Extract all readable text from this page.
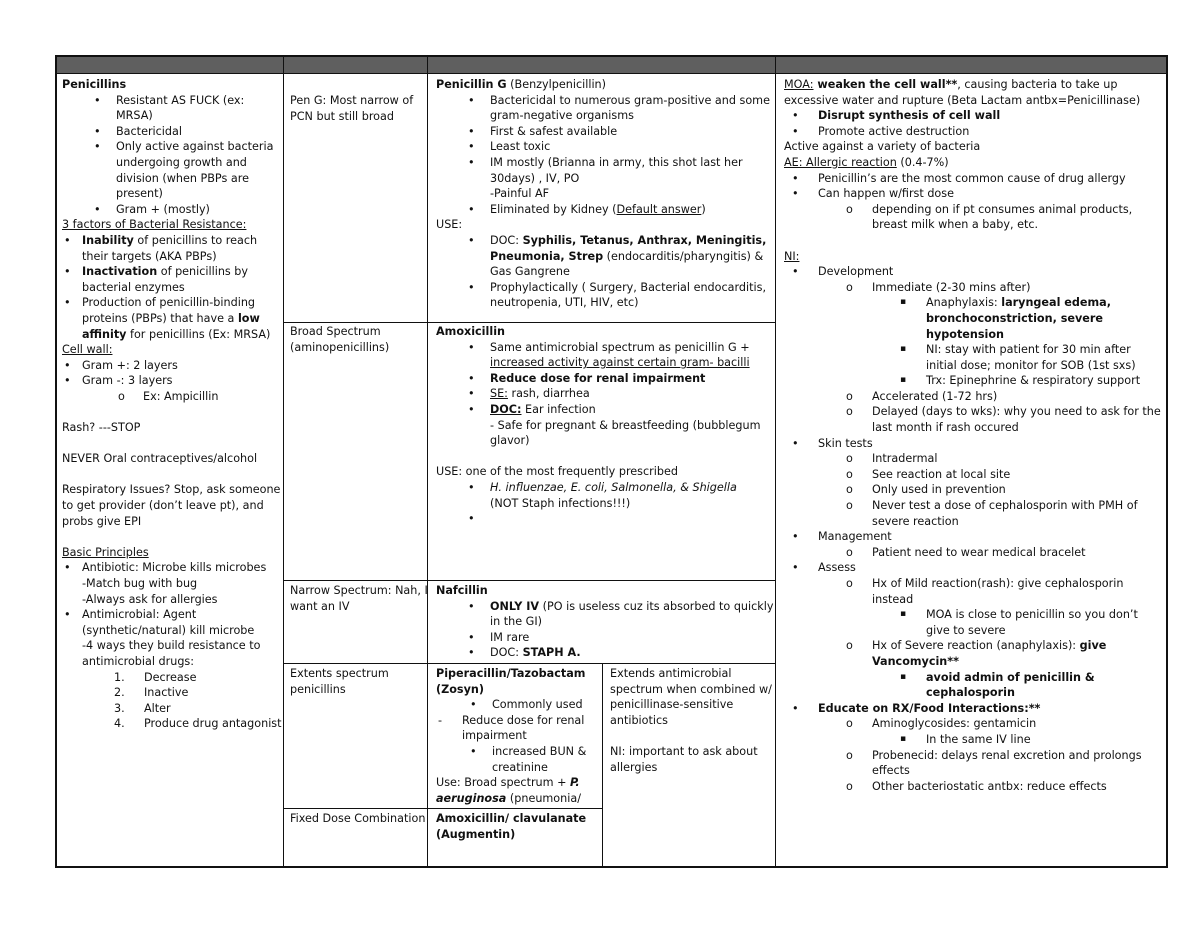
Penicillins

• Resistant AS FUCK (ex: MRSA)
• Bactericidal
• Only active against bacteria undergoing growth and division (when PBPs are present)
• Gram + (mostly)

3 factors of Bacterial Resistance:

• Inability of penicillins to reach their targets (AKA PBPs)
• Inactivation of penicillins by bacterial enzymes
• Production of penicillin-binding proteins (PBPs) that have a low affinity for penicillins (Ex: MRSA)

Cell wall:

• Gram +: 2 layers
• Gram -: 3 layers
o Ex: Ampicillin

Rash? ---STOP

NEVER Oral contraceptives/alcohol

Respiratory Issues? Stop, ask someone to get provider (don’t leave pt), and probs give EPI

Basic Principles

• Antibiotic: Microbe kills microbes
-Match bug with bug
-Always ask for allergies
• Antimicrobial: Agent (synthetic/natural) kill microbe
-4 ways they build resistance to antimicrobial drugs:
1. Decrease
2. Inactive
3. Alter
4. Produce drug antagonist

Pen G: Most narrow of PCN but still broad

Broad Spectrum (aminopenicillins)

Narrow Spectrum: Nah, I want an IV

Extents spectrum penicillins

Fixed Dose Combination

Penicillin G (Benzylpenicillin)

• Bactericidal to numerous gram-positive and some gram-negative organisms
• First & safest available
• Least toxic
• IM mostly (Brianna in army, this shot last her 30days) , IV, PO
-Painful AF
• Eliminated by Kidney (Default answer)

USE:

• DOC: Syphilis, Tetanus, Anthrax, Meningitis, Pneumonia, Strep (endocarditis/pharyngitis) & Gas Gangrene
• Prophylactically ( Surgery, Bacterial endocarditis, neutropenia, UTI, HIV, etc)

Amoxicillin

• Same antimicrobial spectrum as penicillin G + increased activity against certain gram- bacilli
• Reduce dose for renal impairment
• SE: rash, diarrhea
• DOC: Ear infection
- Safe for pregnant & breastfeeding (bubblegum glavor)

USE: one of the most frequently prescribed

• H. influenzae, E. coli, Salmonella, & Shigella
(NOT Staph infections!!!)
•

Nafcillin

• ONLY IV (PO is useless cuz its absorbed to quickly in the GI)
• IM rare
• DOC: STAPH A.

Piperacillin/Tazobactam (Zosyn)

• Commonly used
- Reduce dose for renal impairment
• increased BUN & creatinine

Use: Broad spectrum + P. aeruginosa (pneumonia/

Extends antimicrobial spectrum when combined w/ penicillinase-sensitive antibiotics

NI: important to ask about allergies

Amoxicillin/ clavulanate (Augmentin)

MOA: weaken the cell wall**, causing bacteria to take up excessive water and rupture (Beta Lactam antbx=Penicillinase)

• Disrupt synthesis of cell wall
• Promote active destruction

Active against a variety of bacteria

AE: Allergic reaction (0.4-7%)

• Penicillin’s are the most common cause of drug allergy
• Can happen w/first dose
o depending on if pt consumes animal products, breast milk when a baby, etc.

NI:

• Development
o Immediate (2-30 mins after)
▪ Anaphylaxis: laryngeal edema, bronchoconstriction, severe hypotension
▪ NI: stay with patient for 30 min after initial dose; monitor for SOB (1st sxs)
▪ Trx: Epinephrine & respiratory support
o Accelerated (1-72 hrs)
o Delayed (days to wks): why you need to ask for the last month if rash occured
• Skin tests
o Intradermal
o See reaction at local site
o Only used in prevention
o Never test a dose of cephalosporin with PMH of severe reaction
• Management
o Patient need to wear medical bracelet
• Assess
o Hx of Mild reaction(rash): give cephalosporin instead
▪ MOA is close to penicillin so you don’t give to severe
o Hx of Severe reaction (anaphylaxis): give Vancomycin**
▪ avoid admin of penicillin & cephalosporin
• Educate on RX/Food Interactions:**
o Aminoglycosides: gentamicin
▪ In the same IV line
o Probenecid: delays renal excretion and prolongs effects
o Other bacteriostatic antbx: reduce effects
